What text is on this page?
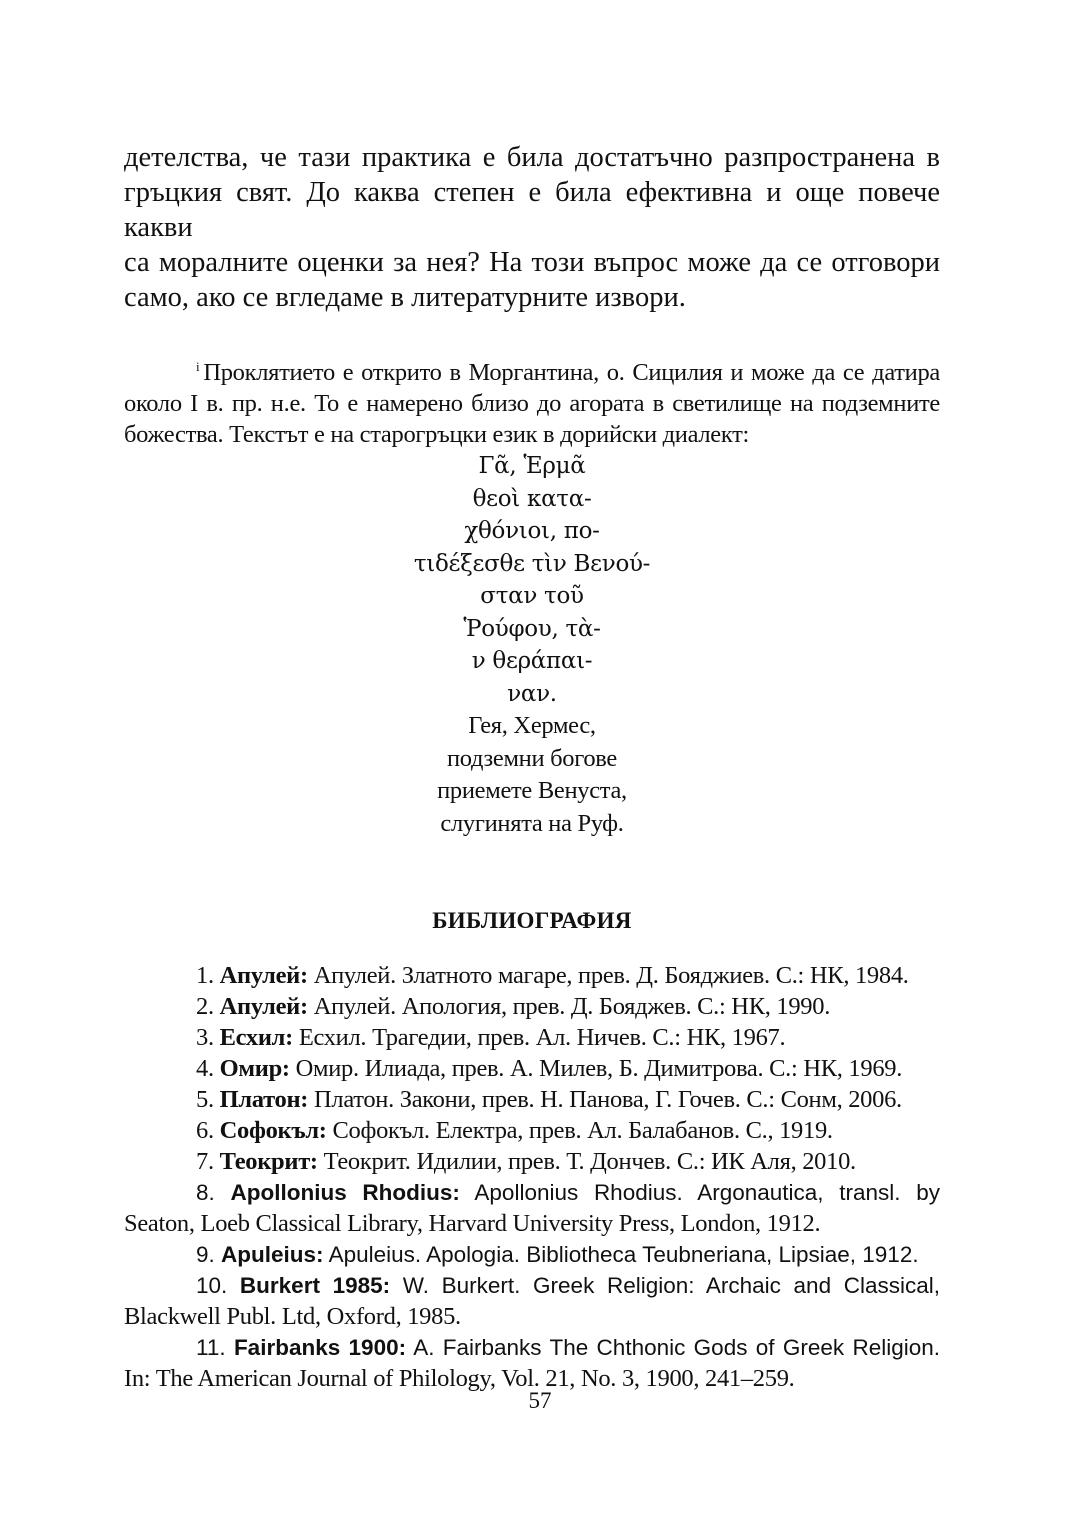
детелства, че тази практика е била достатъчно разпространена в
гръцкия свят. До каква степен е била ефективна и още повече какви
са моралните оценки за нея? На този въпрос може да се отговори
само, ако се вгледаме в литературните извори.

$^i$ Проклятието е открито в Моргантина, о. Сицилия и може да се датира
около I в. пр. н.е. То е намерено близо до агората в светилище на подземните
божества. Текстът е на старогръцки език в дорийски диалект:
Γᾶ, Ἑρμᾶ
θεοὶ κατα-
χθόνιοι, πο-
τιδέξεσθε τὶν Βενού-
σταν τοῦ
Ῥούφου, τὰ-
ν θεράπαι-
ναν.
Гея, Хермес,
подземни богове
приемете Венуста,
слугинята на Руф.
БИБЛИОГРАФИЯ
1. Апулей: Апулей. Златното магаре, прев. Д. Бояджиев. С.: НК, 1984.
2. Апулей: Апулей. Апология, прев. Д. Бояджев. С.: НК, 1990.
3. Есхил: Есхил. Трагедии, прев. Ал. Ничев. С.: НК, 1967.
4. Омир: Омир. Илиада, прев. А. Милев, Б. Димитрова. С.: НК, 1969.
5. Платон: Платон. Закони, прев. Н. Панова, Г. Гочев. С.: Сонм, 2006.
6. Софокъл: Софокъл. Електра, прев. Ал. Балабанов. С., 1919.
7. Теокрит: Теокрит. Идилии, прев. Т. Дончев. С.: ИК Аля, 2010.
8. Apollonius Rhodius: Apollonius Rhodius. Argonautica, transl. by
Seaton, Loeb Classical Library, Harvard University Press, London, 1912.
9. Apuleius: Apuleius. Apologia. Bibliotheca Teubneriana, Lipsiae, 1912.
10. Burkert 1985: W. Burkert. Greek Religion: Archaic and Classical,
Blackwell Publ. Ltd, Oxford, 1985.
11. Fairbanks 1900: A. Fairbanks The Chthonic Gods of Greek Religion.
In: The American Journal of Philology, Vol. 21, No. 3, 1900, 241–259.
57
